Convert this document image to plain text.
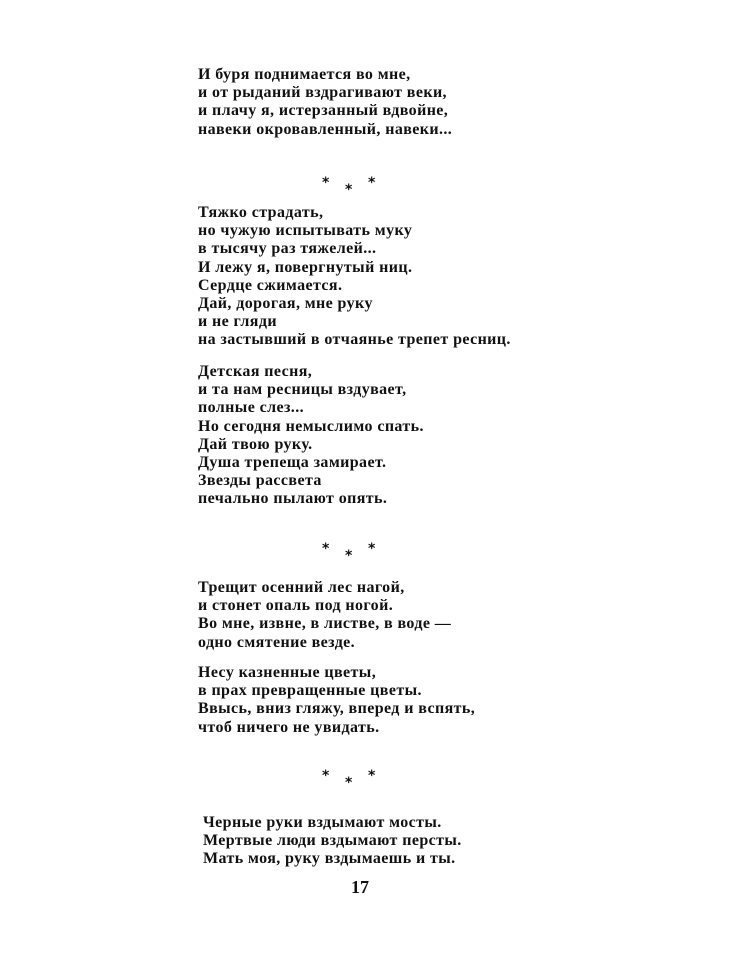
И буря поднимается во мне,
и от рыданий вздрагивают веки,
и плачу я, истерзанный вдвойне,
навеки окровавленный, навеки...
* * *
Тяжко страдать,
но чужую испытывать муку
в тысячу раз тяжелей...
И лежу я, повергнутый ниц.
Сердце сжимается.
Дай, дорогая, мне руку
и не гляди
на застывший в отчаянье трепет ресниц.
Детская песня,
и та нам ресницы вздувает,
полные слез...
Но сегодня немыслимо спать.
Дай твою руку.
Душа трепеща замирает.
Звезды рассвета
печально пылают опять.
* * *
Трещит осенний лес нагой,
и стонет опаль под ногой.
Во мне, извне, в листве, в воде —
одно смятение везде.
Несу казненные цветы,
в прах превращенные цветы.
Ввысь, вниз гляжу, вперед и вспять,
чтоб ничего не увидать.
* * *
Черные руки вздымают мосты.
Мертвые люди вздымают персты.
Мать моя, руку вздымаешь и ты.
17
